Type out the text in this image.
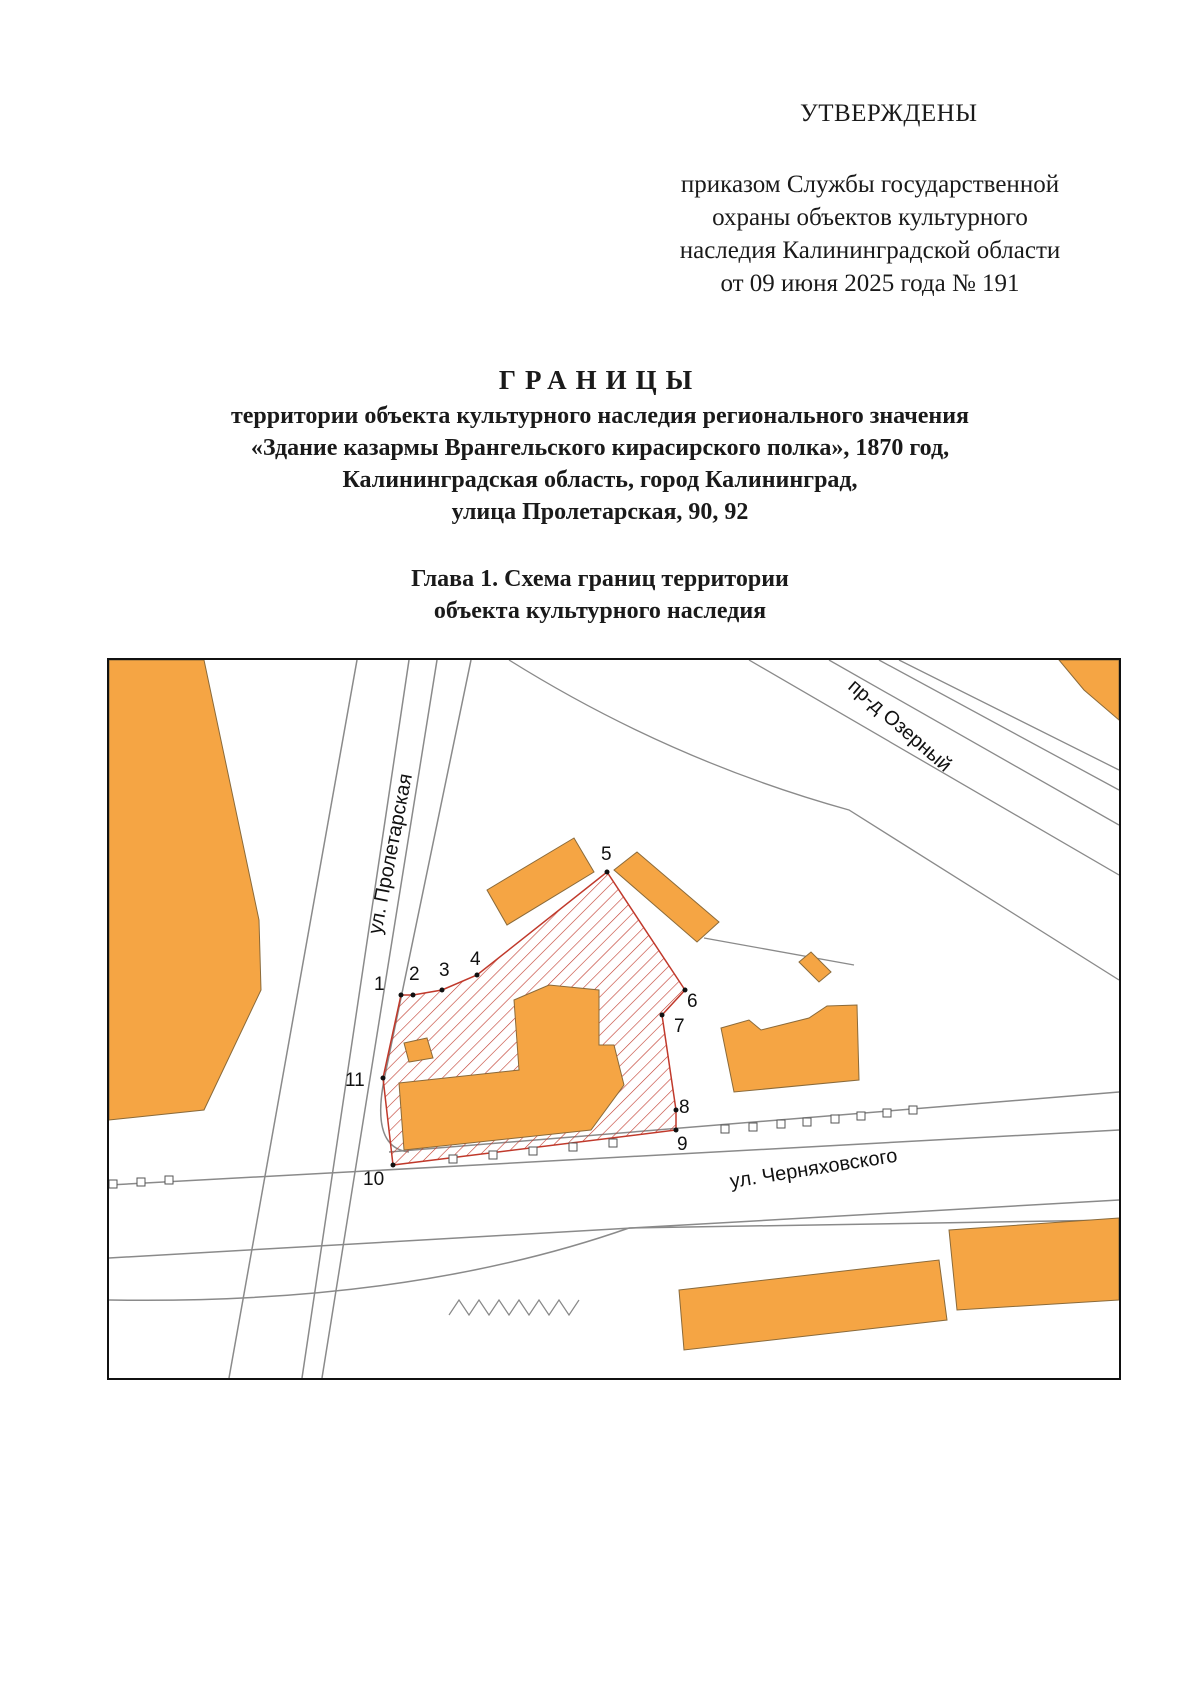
УТВЕРЖДЕНЫ
приказом Службы государственной
охраны объектов культурного
наследия Калининградской области
от 09 июня 2025 года № 191
ГРАНИЦЫ
территории объекта культурного наследия регионального значения
«Здание казармы Врангельского кирасирского полка», 1870 год,
Калининградская область, город Калининград,
улица Пролетарская, 90, 92
Глава 1. Схема границ территории
объекта культурного наследия
ул. Пролетарская
ул. Черняховского
пр-д Озерный
1 2 3
4
5
6
7
8
9
10
11
